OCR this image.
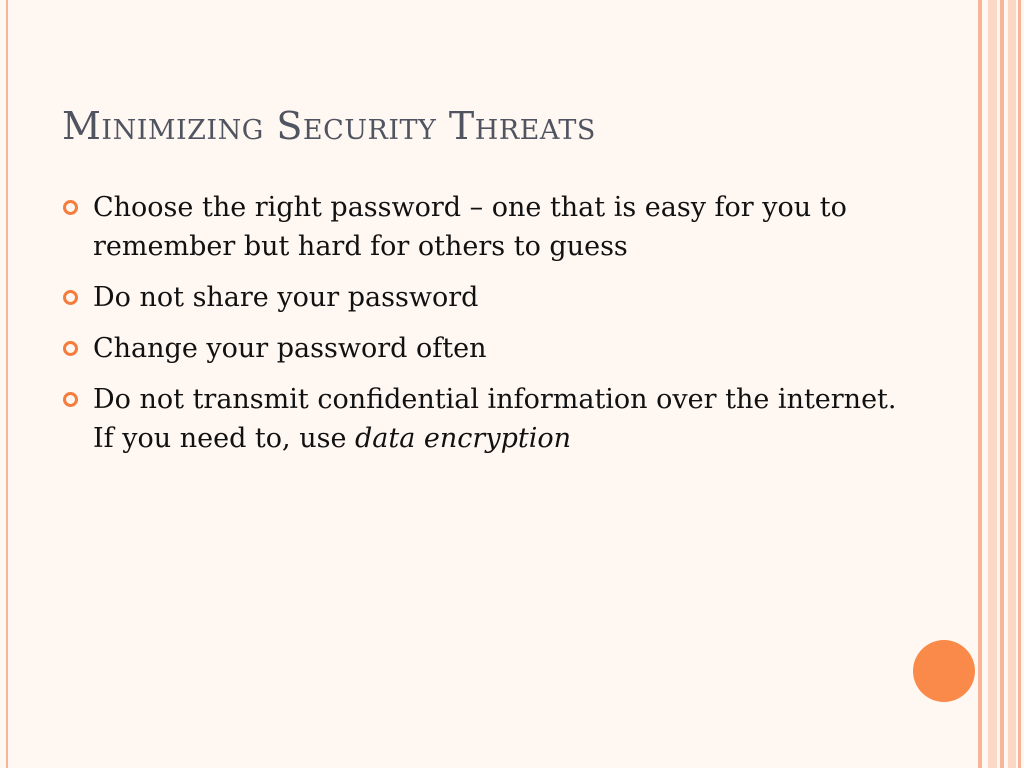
Minimizing Security Threats
Choose the right password – one that is easy for you to remember but hard for others to guess
Do not share your password
Change your password often
Do not transmit confidential information over the internet. If you need to, use data encryption
